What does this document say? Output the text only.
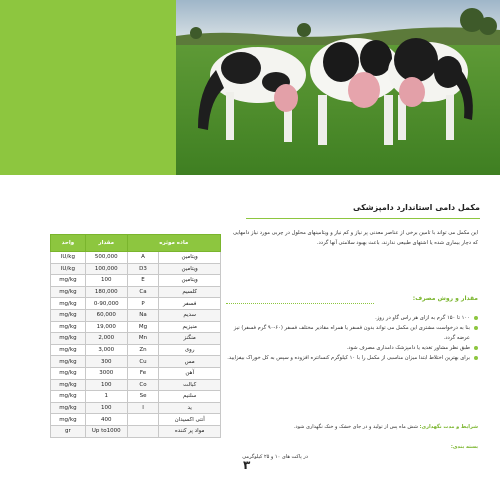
مکمل دامی استاندارد دامپزشکی
این مکمل می تواند با تامین برخی از عناصر معدنی پر نیاز و کم نیاز و ویتامینهای محلول در چربی مورد نیاز دامهایی که دچار بیماری شده یا اشتهای طبیعی ندارند، باعث بهبود سلامتی آنها گردد.
مقدار و روش مصرف:
۱۰۰ تا ۱۵۰ گرم به ازای هر راس گاو در روز.
بنا به درخواست مشتری این مکمل می تواند بدون فسفر یا همراه مقادیر مختلف فسفر (۶۰-۹۰ گرم فسفر) نیز عرضه گردد.
طبق نظر مشاور تغذیه یا دامپزشک دامداری مصرف شود.
برای بهترین اختلاط ابتدا میزان مناسبی از مکمل را با ۱۰ کیلوگرم کنسانتره افزوده و سپس به کل خوراک بیفزایید.
شرایط و مدت نگهداری: شش ماه پس از تولید و در جای خشک و خنک نگهداری شود.
بسته بندی:
در پاکت های ۱۰ و ۲۵ کیلوگرمی
۳
واحد	مقدار	ماده موثره	
IU/kg	500,000	A	ویتامین
IU/kg	100,000	D3	ویتامین
mg/kg	100	E	ویتامین
mg/kg	180,000	Ca	کلسیم
mg/kg	0-90,000	P	فسفر
mg/kg	60,000	Na	سدیم
mg/kg	19,000	Mg	منیزیم
mg/kg	2,000	Mn	منگنز
mg/kg	3,000	Zn	روی
mg/kg	300	Cu	مس
mg/kg	3000	Fe	آهن
mg/kg	100	Co	کبالت
mg/kg	1	Se	سلنیم
mg/kg	100	I	ید
mg/kg	400		آنتی اکسیدان
gr	Up to1000		مواد پر کننده
